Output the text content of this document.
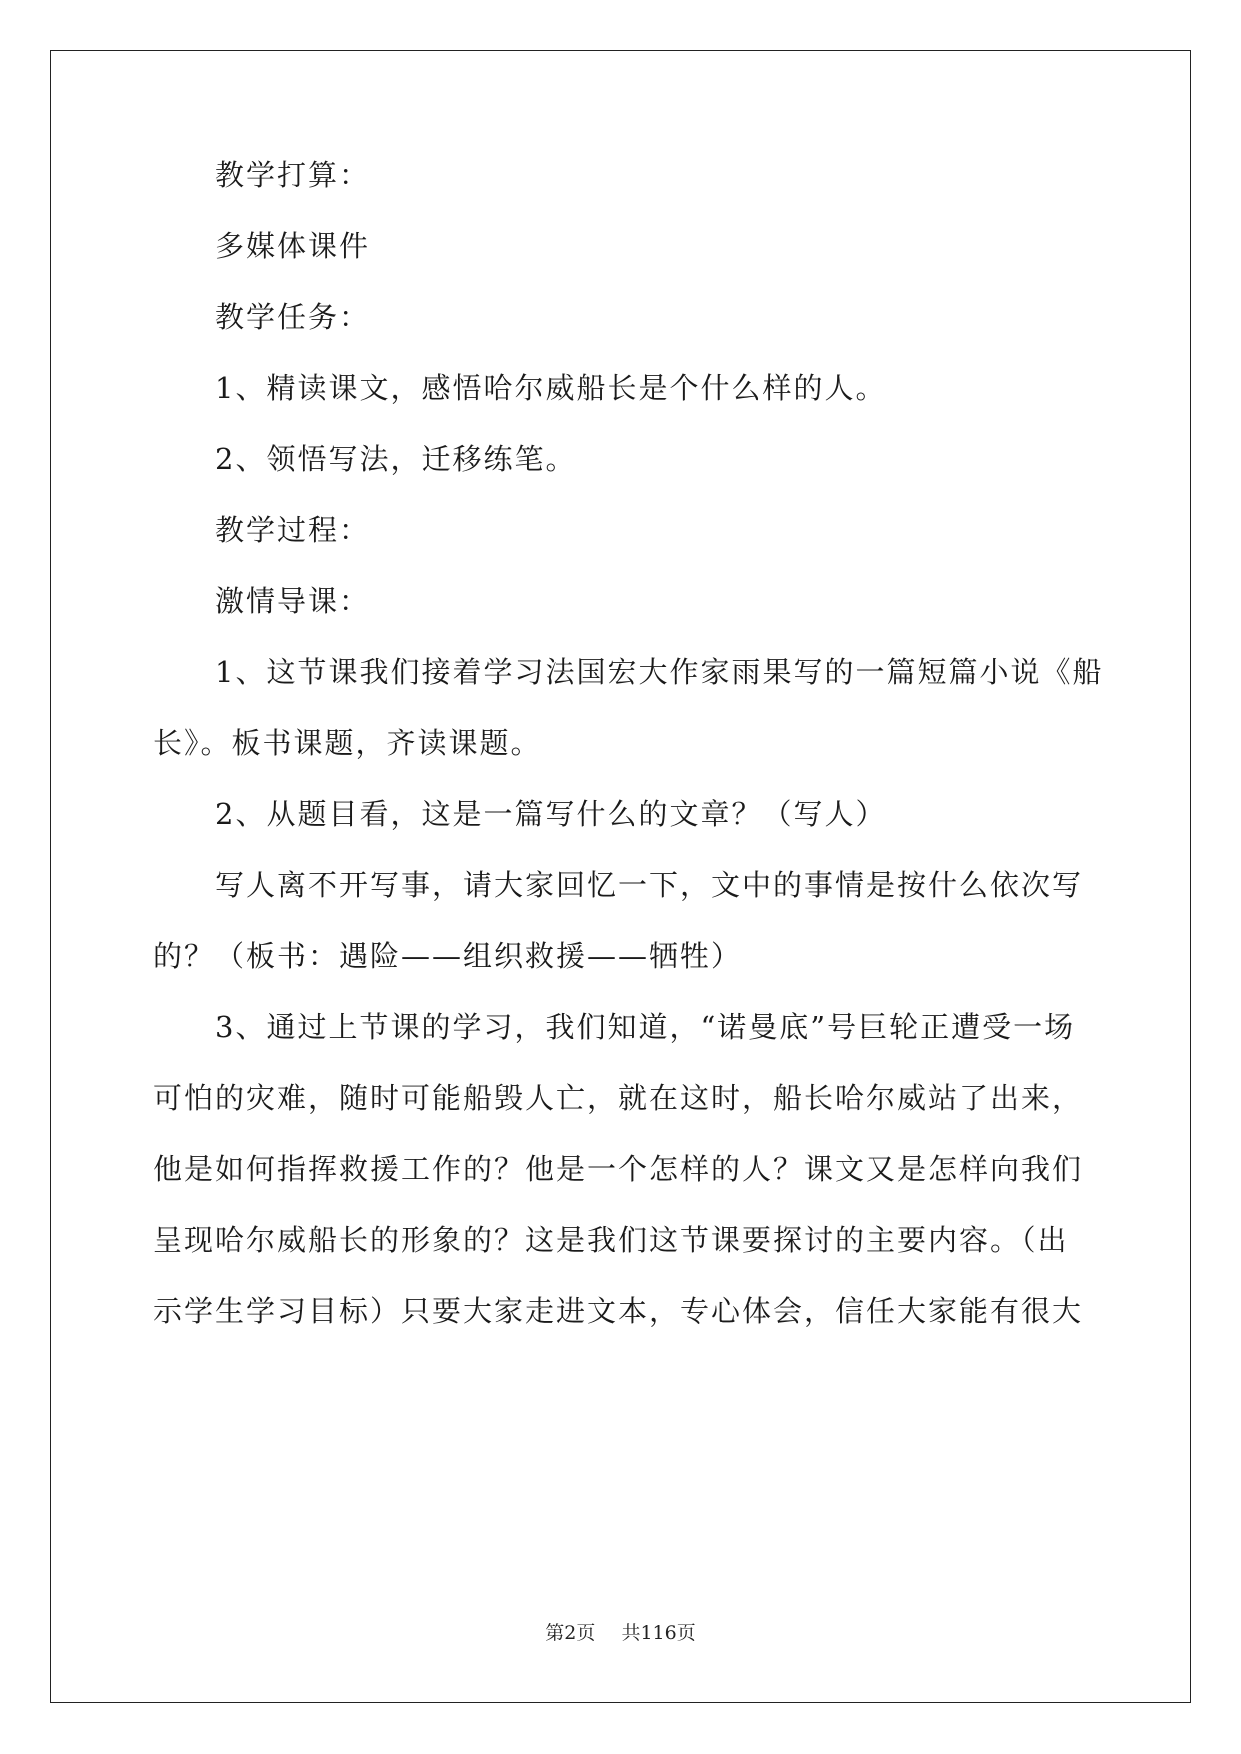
教学打算：
多媒体课件
教学任务：
1、精读课文，感悟哈尔威船长是个什么样的人。
2、领悟写法，迁移练笔。
教学过程：
激情导课：
1、这节课我们接着学习法国宏大作家雨果写的一篇短篇小说《船
长》。板书课题，齐读课题。
2、从题目看，这是一篇写什么的文章？（写人）
写人离不开写事，请大家回忆一下，文中的事情是按什么依次写
的？（板书：遇险——组织救援——牺牲）
3、通过上节课的学习，我们知道，“诺曼底”号巨轮正遭受一场
可怕的灾难，随时可能船毁人亡，就在这时，船长哈尔威站了出来，
他是如何指挥救援工作的？他是一个怎样的人？课文又是怎样向我们
呈现哈尔威船长的形象的？这是我们这节课要探讨的主要内容。（出
示学生学习目标）只要大家走进文本，专心体会，信任大家能有很大
第2页 共116页
